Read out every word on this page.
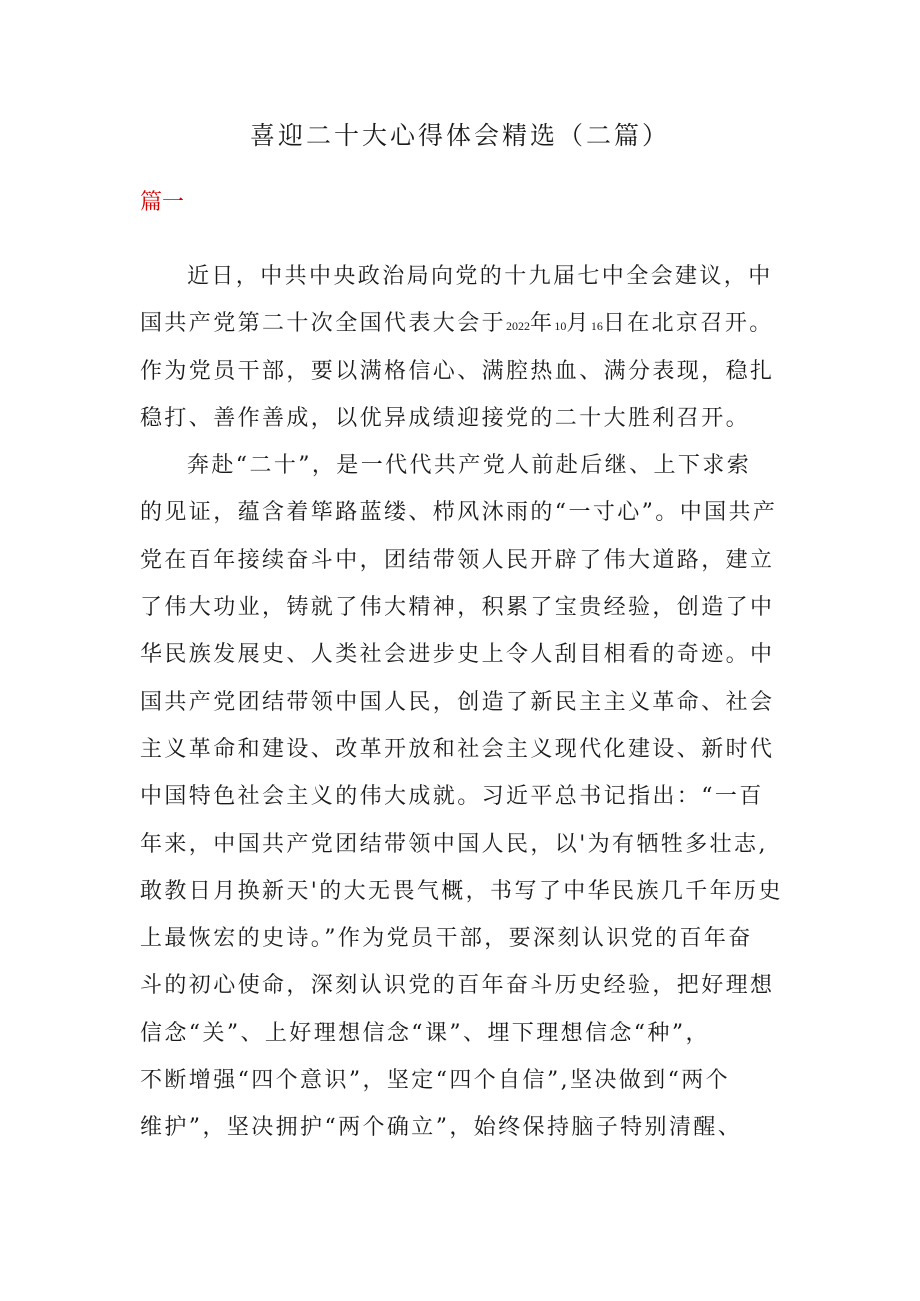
喜迎二十大心得体会精选（二篇）
篇一
近日，中共中央政治局向党的十九届七中全会建议，中
国共产党第二十次全国代表大会于2022年10月16日在北京召开。
作为党员干部，要以满格信心、满腔热血、满分表现，稳扎
稳打、善作善成，以优异成绩迎接党的二十大胜利召开。
奔赴“二十”，是一代代共产党人前赴后继、上下求索
的见证，蕴含着筚路蓝缕、栉风沐雨的“一寸心”。中国共产
党在百年接续奋斗中，团结带领人民开辟了伟大道路，建立
了伟大功业，铸就了伟大精神，积累了宝贵经验，创造了中
华民族发展史、人类社会进步史上令人刮目相看的奇迹。中
国共产党团结带领中国人民，创造了新民主主义革命、社会
主义革命和建设、改革开放和社会主义现代化建设、新时代
中国特色社会主义的伟大成就。习近平总书记指出：“一百
年来，中国共产党团结带领中国人民，以'为有牺牲多壮志,
敢教日月换新天'的大无畏气概，书写了中华民族几千年历史
上最恢宏的史诗。”作为党员干部，要深刻认识党的百年奋
斗的初心使命，深刻认识党的百年奋斗历史经验，把好理想
信念“关”、上好理想信念“课”、埋下理想信念“种”，
不断增强“四个意识”，坚定“四个自信”,坚决做到“两个
维护”，坚决拥护“两个确立”，始终保持脑子特别清醒、
